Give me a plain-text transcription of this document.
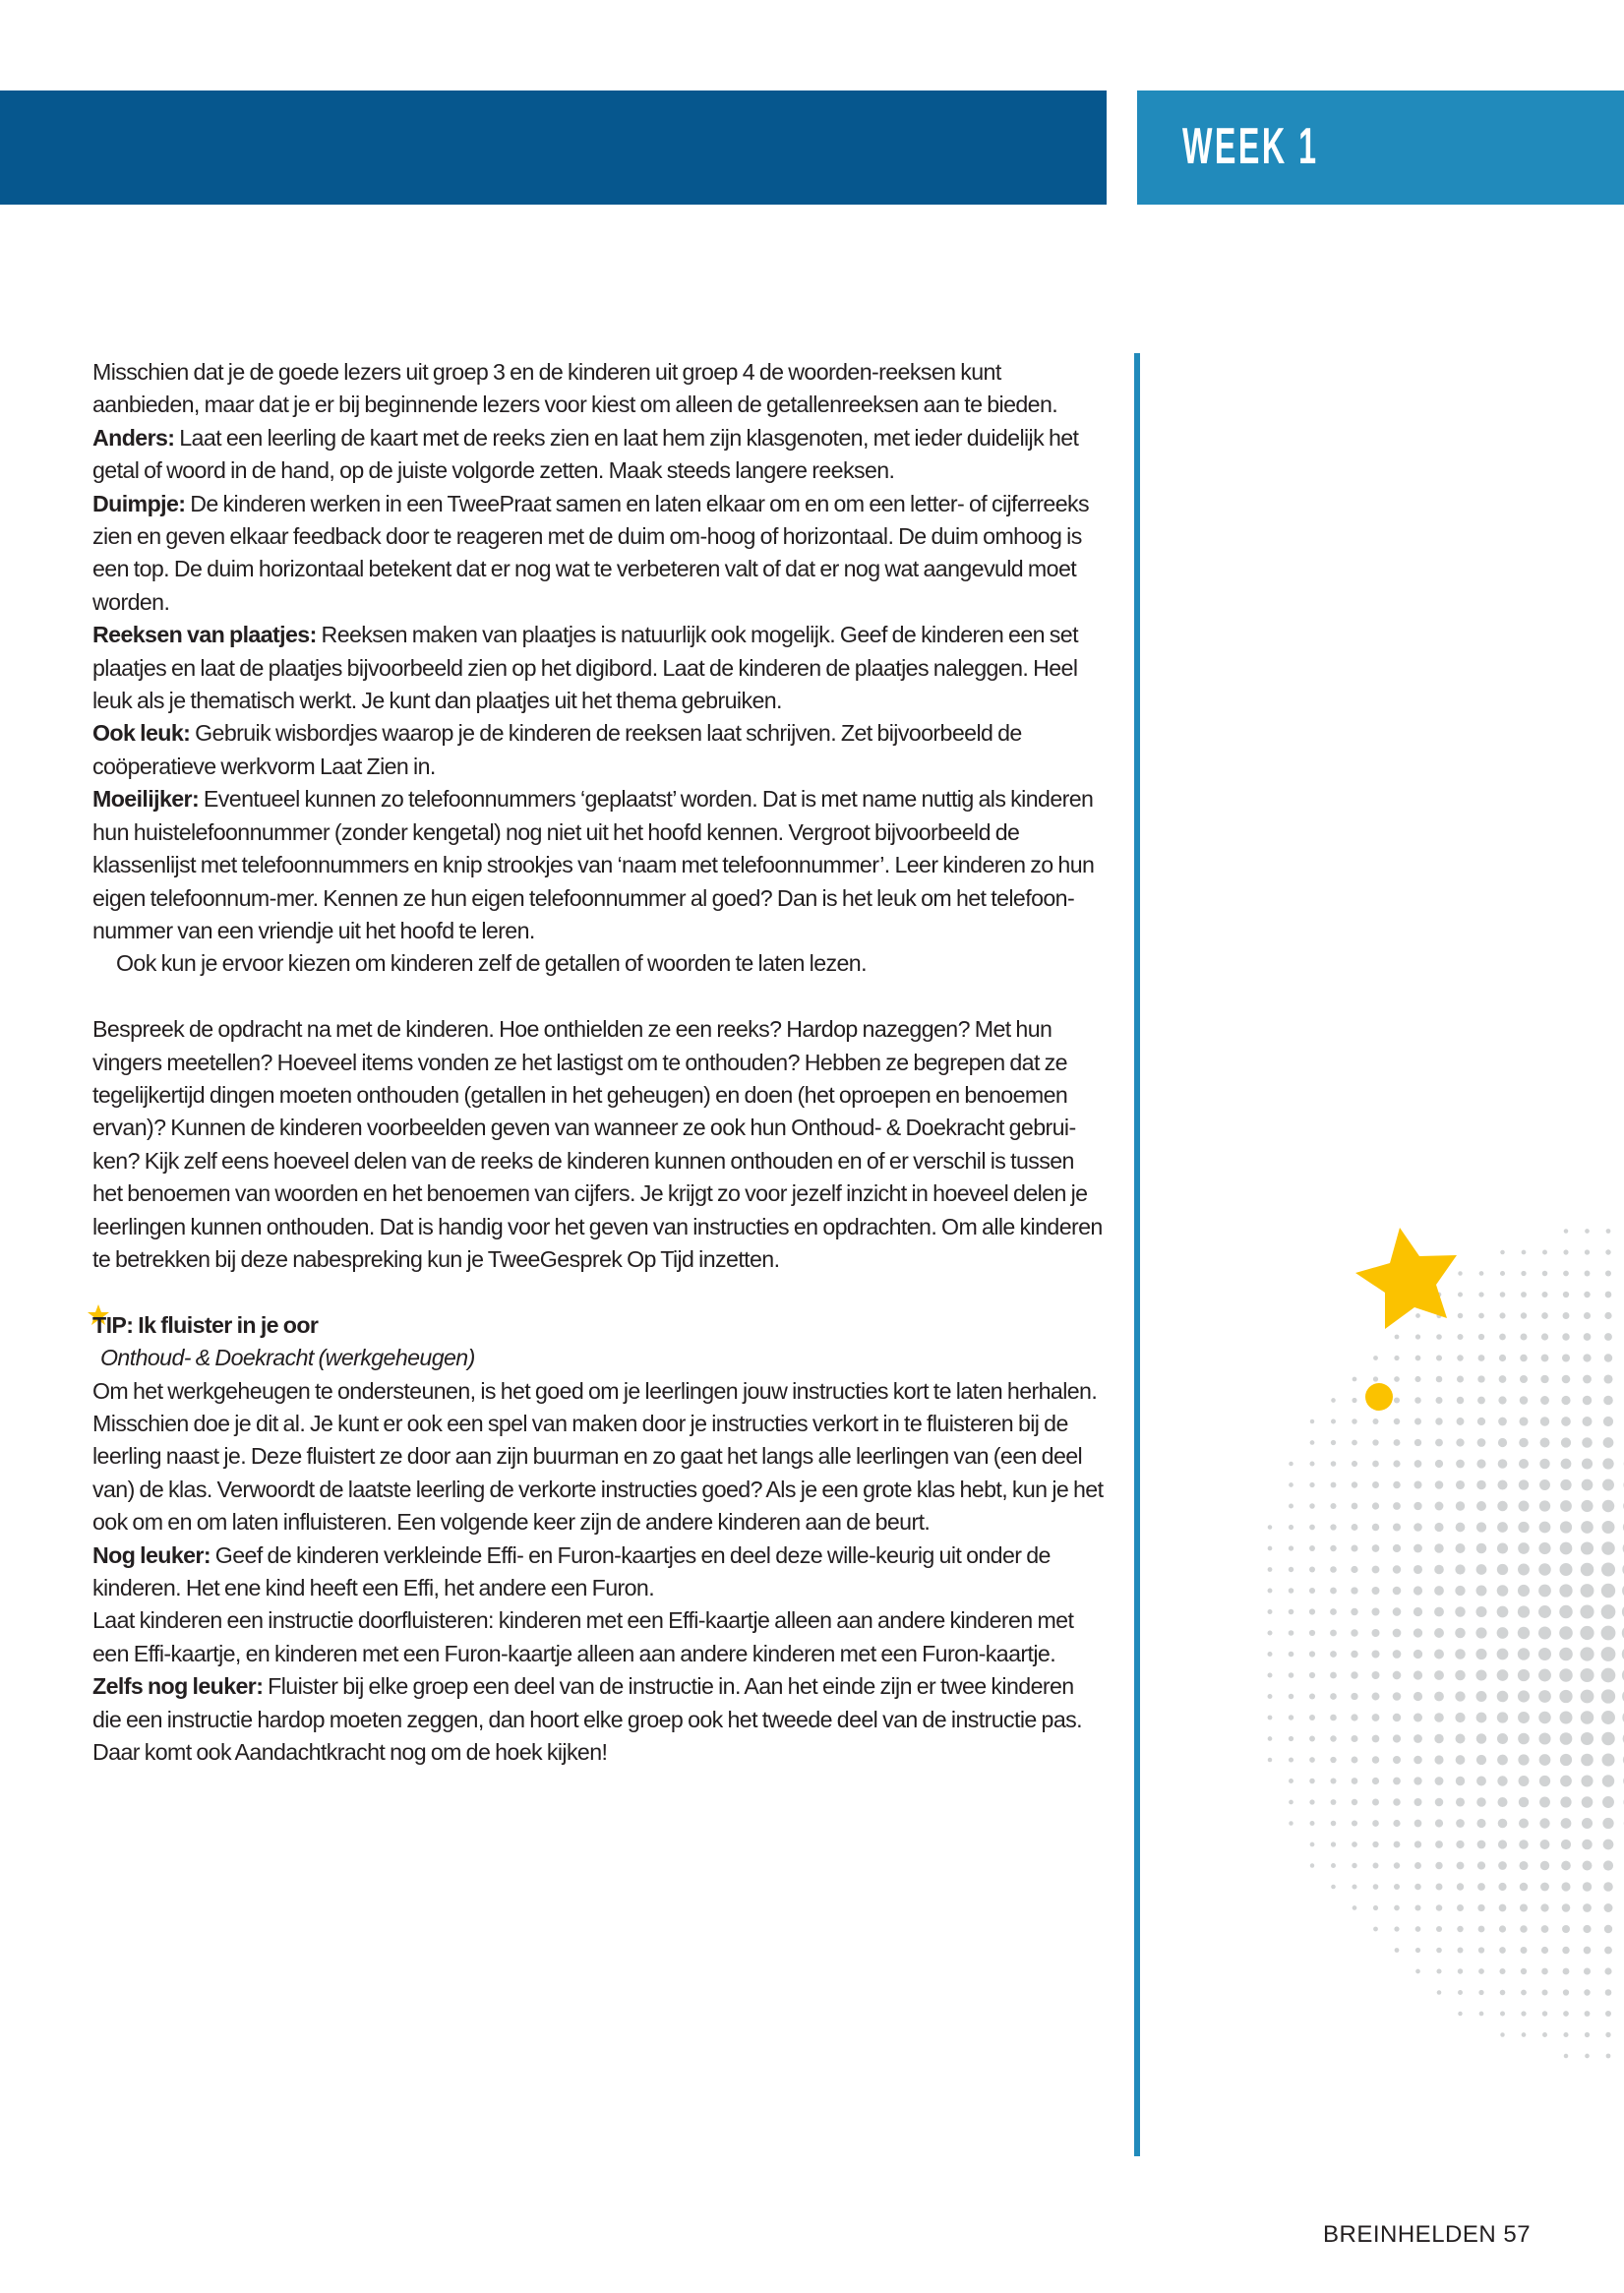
WEEK 1

Misschien dat je de goede lezers uit groep 3 en de kinderen uit groep 4 de woorden-reeksen kunt aanbieden, maar dat je er bij beginnende lezers voor kiest om alleen de getallenreeksen aan te bieden.

Anders: Laat een leerling de kaart met de reeks zien en laat hem zijn klasgenoten, met ieder duidelijk het getal of woord in de hand, op de juiste volgorde zetten. Maak steeds langere reeksen.

Duimpje: De kinderen werken in een TweePraat samen en laten elkaar om en om een letter- of cijferreeks zien en geven elkaar feedback door te reageren met de duim om-hoog of horizontaal. De duim omhoog is een top. De duim horizontaal betekent dat er nog wat te verbeteren valt of dat er nog wat aangevuld moet worden.

Reeksen van plaatjes: Reeksen maken van plaatjes is natuurlijk ook mogelijk. Geef de kinderen een set plaatjes en laat de plaatjes bijvoorbeeld zien op het digibord. Laat de kinderen de plaatjes naleggen. Heel leuk als je thematisch werkt. Je kunt dan plaatjes uit het thema gebruiken.

Ook leuk: Gebruik wisbordjes waarop je de kinderen de reeksen laat schrijven. Zet bijvoorbeeld de coöperatieve werkvorm Laat Zien in.

Moeilijker: Eventueel kunnen zo telefoonnummers ‘geplaatst’ worden. Dat is met name nuttig als kinderen hun huistelefoonnummer (zonder kengetal) nog niet uit het hoofd kennen. Vergroot bijvoorbeeld de klassenlijst met telefoonnummers en knip strookjes van ‘naam met telefoonnummer’. Leer kinderen zo hun eigen telefoonnum-mer. Kennen ze hun eigen telefoonnummer al goed? Dan is het leuk om het telefoon-nummer van een vriendje uit het hoofd te leren.

Ook kun je ervoor kiezen om kinderen zelf de getallen of woorden te laten lezen.

Bespreek de opdracht na met de kinderen. Hoe onthielden ze een reeks? Hardop nazeggen? Met hun vingers meetellen? Hoeveel items vonden ze het lastigst om te onthouden? Hebben ze begrepen dat ze tegelijkertijd dingen moeten onthouden (getallen in het geheugen) en doen (het oproepen en benoemen ervan)? Kunnen de kinderen voorbeelden geven van wanneer ze ook hun Onthoud- & Doekracht gebrui-ken? Kijk zelf eens hoeveel delen van de reeks de kinderen kunnen onthouden en of er verschil is tussen het benoemen van woorden en het benoemen van cijfers. Je krijgt zo voor jezelf inzicht in hoeveel delen je leerlingen kunnen onthouden. Dat is handig voor het geven van instructies en opdrachten. Om alle kinderen te betrekken bij deze nabespreking kun je TweeGesprek Op Tijd inzetten.

TIP: Ik fluister in je oor

Onthoud- & Doekracht (werkgeheugen)

Om het werkgeheugen te ondersteunen, is het goed om je leerlingen jouw instructies kort te laten herhalen. Misschien doe je dit al. Je kunt er ook een spel van maken door je instructies verkort in te fluisteren bij de leerling naast je. Deze fluistert ze door aan zijn buurman en zo gaat het langs alle leerlingen van (een deel van) de klas. Verwoordt de laatste leerling de verkorte instructies goed? Als je een grote klas hebt, kun je het ook om en om laten influisteren. Een volgende keer zijn de andere kinderen aan de beurt.

Nog leuker: Geef de kinderen verkleinde Effi- en Furon-kaartjes en deel deze wille-keurig uit onder de kinderen. Het ene kind heeft een Effi, het andere een Furon.

Laat kinderen een instructie doorfluisteren: kinderen met een Effi-kaartje alleen aan andere kinderen met een Effi-kaartje, en kinderen met een Furon-kaartje alleen aan andere kinderen met een Furon-kaartje.

Zelfs nog leuker: Fluister bij elke groep een deel van de instructie in. Aan het einde zijn er twee kinderen die een instructie hardop moeten zeggen, dan hoort elke groep ook het tweede deel van de instructie pas. Daar komt ook Aandachtkracht nog om de hoek kijken!

BREINHELDEN 57
